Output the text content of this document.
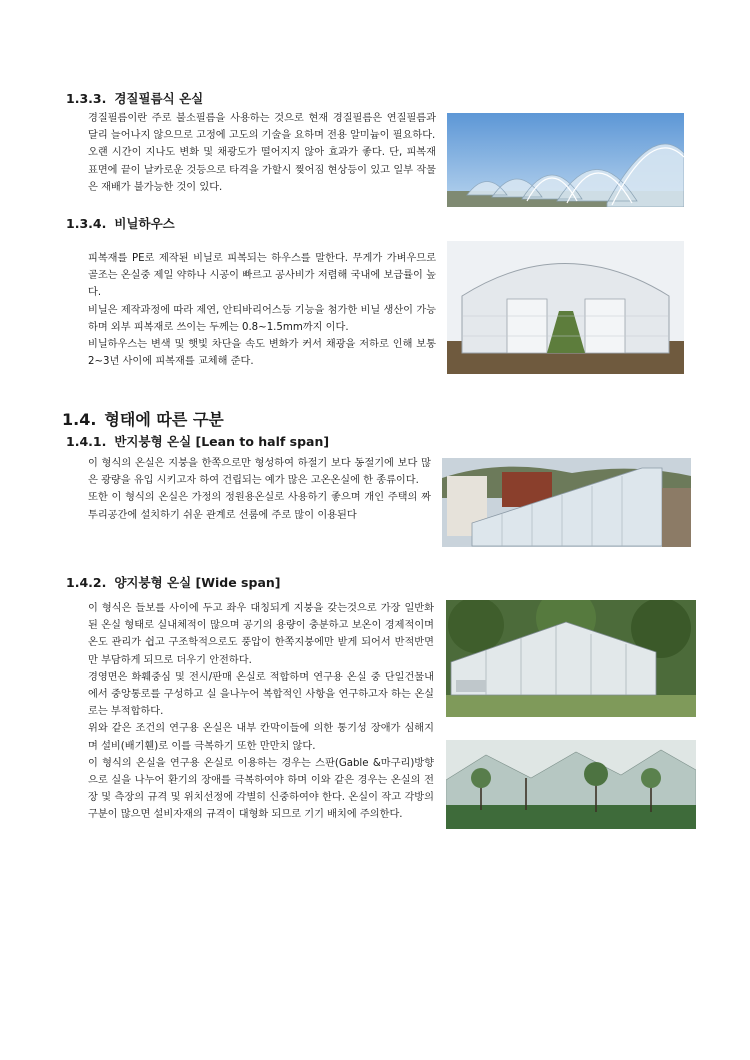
1.3.3. 경질필름식 온실

경질필름이란 주로 불소필름을 사용하는 것으로 현재 경질필름은 연질필름과 달리 늘어나지 않으므로 고정에 고도의 기술을 요하며 전용 알미늄이 필요하다.

오랜 시간이 지나도 변화 및 채광도가 떨어지지 않아 효과가 좋다. 단, 피복재 표면에 끝이 날카로운 것등으로 타격을 가할시 찢어짐 현상등이 있고 일부 작물은 재배가 불가능한 것이 있다.

1.3.4. 비닐하우스

피복재를 PE로 제작된 비닐로 피복되는 하우스를 말한다. 무게가 가벼우므로 골조는 온실중 제일 약하나 시공이 빠르고 공사비가 저렴해 국내에 보급률이 높다.

비닐은 제작과정에 따라 제연, 안티바리어스등 기능을 첨가한 비닐 생산이 가능하며 외부 피복재로 쓰이는 두께는 0.8~1.5mm까지 이다.

비닐하우스는 변색 및 햇빛 차단을 속도 변화가 커서 채광을 저하로 인해 보통 2~3년 사이에 피복재를 교체해 준다.

1.4. 형태에 따른 구분
1.4.1. 반지붕형 온실 [Lean to half span]

이 형식의 온실은 지붕을 한쪽으로만 형성하여 하절기 보다 동절기에 보다 많은 광량을 유입 시키고자 하여 건립되는 예가 많은 고온온실에 한 종류이다.

또한 이 형식의 온실은 가정의 정원용온실로 사용하기 좋으며 개인 주택의 짜투리공간에 설치하기 쉬운 관계로 선룸에 주로 많이 이용된다

1.4.2. 양지붕형 온실 [Wide span]

이 형식은 들보를 사이에 두고 좌우 대칭되게 지붕을 갖는것으로 가장 일반화된 온실 형태로 실내체적이 많으며 공기의 용량이 충분하고 보온이 경제적이며 온도 관리가 쉽고 구조학적으로도 풍압이 한쪽지붕에만 받게 되어서 반적반면만 부담하게 되므로 더우기 안전하다.

경영면은 화훼중심 및 전시/판매 온실로 적합하며 연구용 온실 중 단일건물내에서 중앙통로를 구성하고 실 을나누어 복합적인 사항을 연구하고자 하는 온실로는 부적합하다.

위와 같은 조건의 연구용 온실은 내부 칸막이들에 의한 통기성 장애가 심해지며 설비(배기휀)로 이를 극복하기 또한 만만치 않다.

이 형식의 온실을 연구용 온실로 이용하는 경우는 스판(Gable &마구리)방향으로 실을 나누어 환기의 장애를 극복하여야 하며 이와 같은 경우는 온실의 전장 및 측장의 규격 및 위치선정에 각별히 신중하여야 한다. 온실이 작고 각방의 구분이 많으면 설비자재의 규격이 대형화 되므로 기기 배치에 주의한다.
